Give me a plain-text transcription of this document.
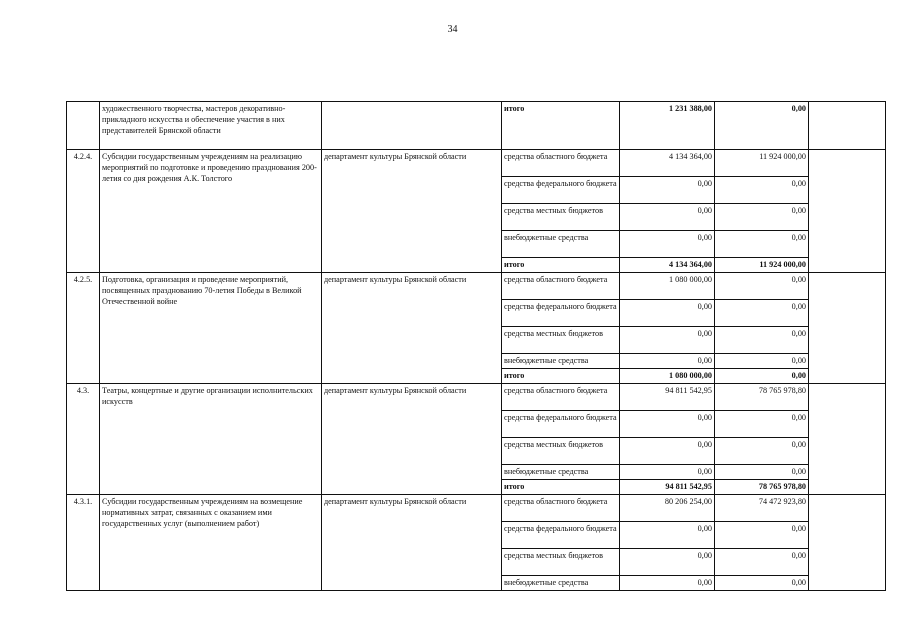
34
	художественного творчества, мастеров декоративно-прикладного искусства и обеспечение участия в них представителей Брянской области		итого	1 231 388,00	0,00	
4.2.4.	Субсидии государственным учреждениям на реализацию мероприятий по подготовке и проведению празднования 200-летия со дня рождения А.К. Толстого	департамент культуры Брянской области	средства областного бюджета	4 134 364,00	11 924 000,00	
			средства федерального бюджета	0,00	0,00	
			средства местных бюджетов	0,00	0,00	
			внебюджетные средства	0,00	0,00	
			итого	4 134 364,00	11 924 000,00	
4.2.5.	Подготовка, организация и проведение мероприятий, посвященных празднованию 70-летия Победы в Великой Отечественной войне	департамент культуры Брянской области	средства областного бюджета	1 080 000,00	0,00	
			средства федерального бюджета	0,00	0,00	
			средства местных бюджетов	0,00	0,00	
			внебюджетные средства	0,00	0,00	
			итого	1 080 000,00	0,00	
4.3.	Театры, концертные и другие организации исполнительских искусств	департамент культуры Брянской области	средства областного бюджета	94 811 542,95	78 765 978,80	
			средства федерального бюджета	0,00	0,00	
			средства местных бюджетов	0,00	0,00	
			внебюджетные средства	0,00	0,00	
			итого	94 811 542,95	78 765 978,80	
4.3.1.	Субсидии государственным учреждениям на возмещение нормативных затрат, связанных с оказанием ими государственных услуг (выполнением работ)	департамент культуры Брянской области	средства областного бюджета	80 206 254,00	74 472 923,80	
			средства федерального бюджета	0,00	0,00	
			средства местных бюджетов	0,00	0,00	
			внебюджетные средства	0,00	0,00	
